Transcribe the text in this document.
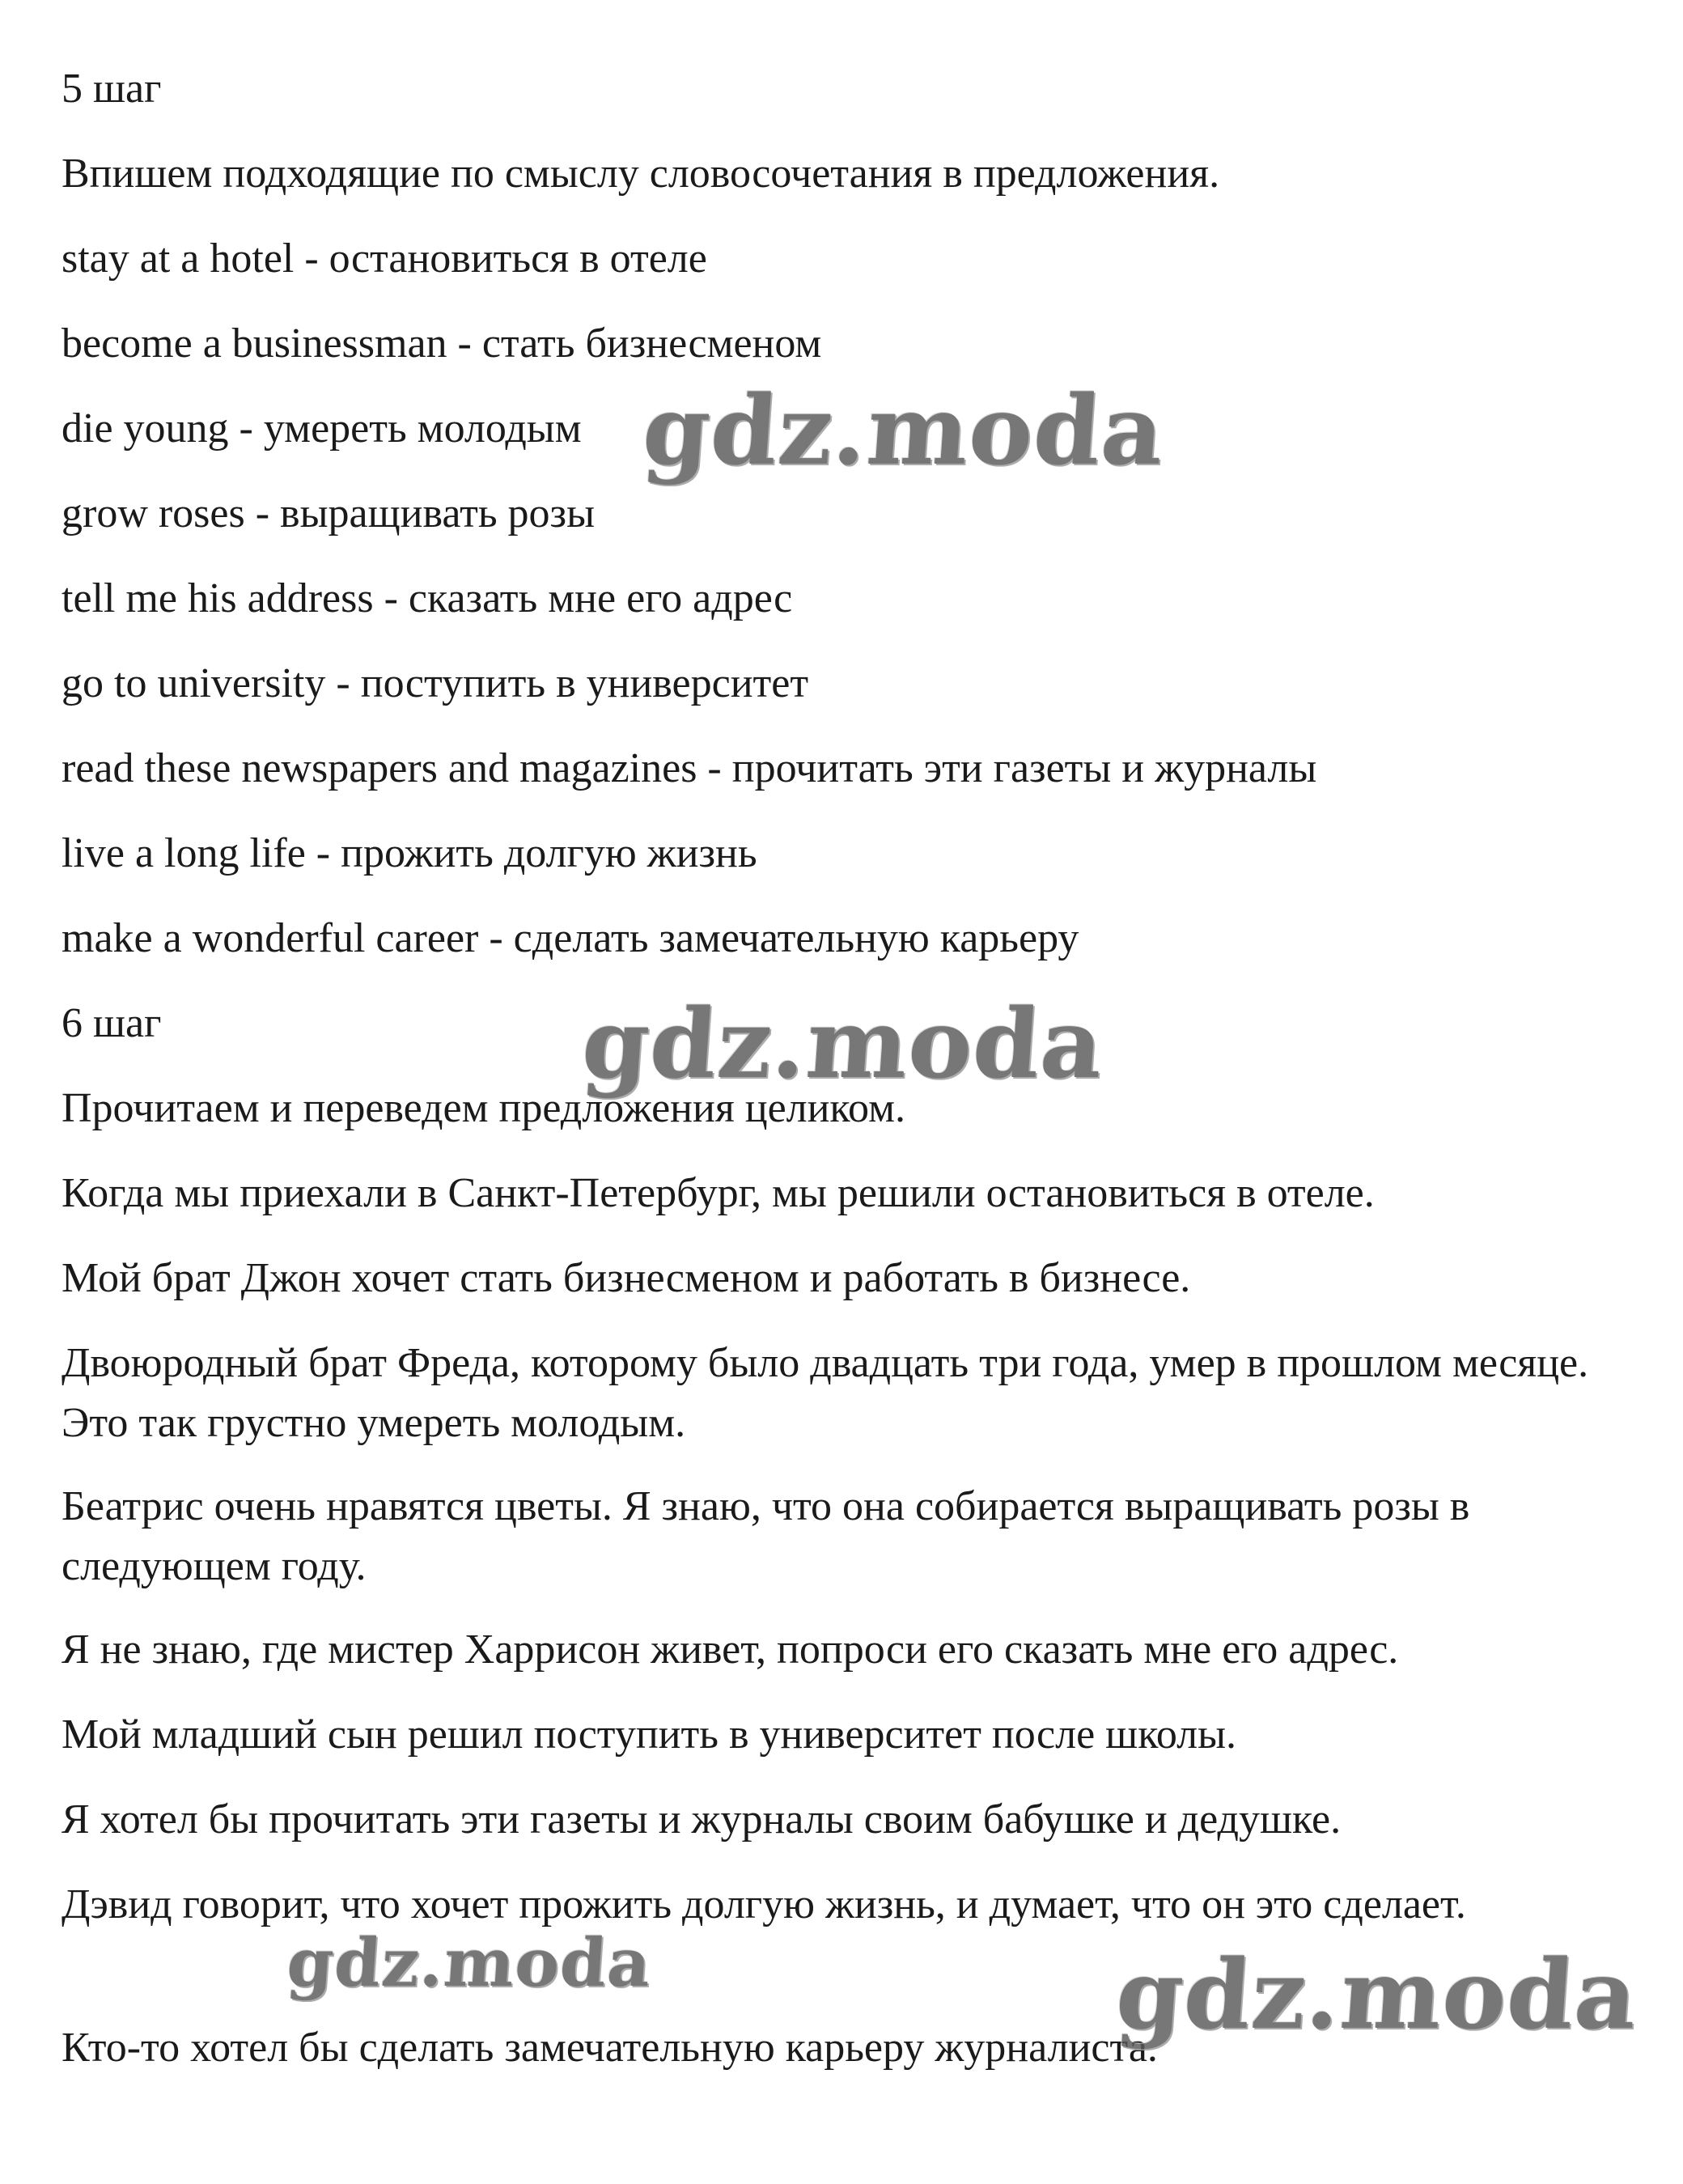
5 шаг

Впишем подходящие по смыслу словосочетания в предложения.

stay at a hotel - остановиться в отеле

become a businessman - стать бизнесменом

die young - умереть молодым

grow roses - выращивать розы

tell me his address - сказать мне его адрес

go to university - поступить в университет

read these newspapers and magazines - прочитать эти газеты и журналы

live a long life - прожить долгую жизнь

make a wonderful career - сделать замечательную карьеру

6 шаг

Прочитаем и переведем предложения целиком.

Когда мы приехали в Санкт-Петербург, мы решили остановиться в отеле.

Мой брат Джон хочет стать бизнесменом и работать в бизнесе.

Двоюродный брат Фреда, которому было двадцать три года, умер в прошлом месяце. Это так грустно умереть молодым.

Беатрис очень нравятся цветы. Я знаю, что она собирается выращивать розы в следующем году.

Я не знаю, где мистер Харрисон живет, попроси его сказать мне его адрес.

Мой младший сын решил поступить в университет после школы.

Я хотел бы прочитать эти газеты и журналы своим бабушке и дедушке.

Дэвид говорит, что хочет прожить долгую жизнь, и думает, что он это сделает.

Кто-то хотел бы сделать замечательную карьеру журналиста.

gdz.moda
gdz.moda
gdz.moda	gdz.moda
